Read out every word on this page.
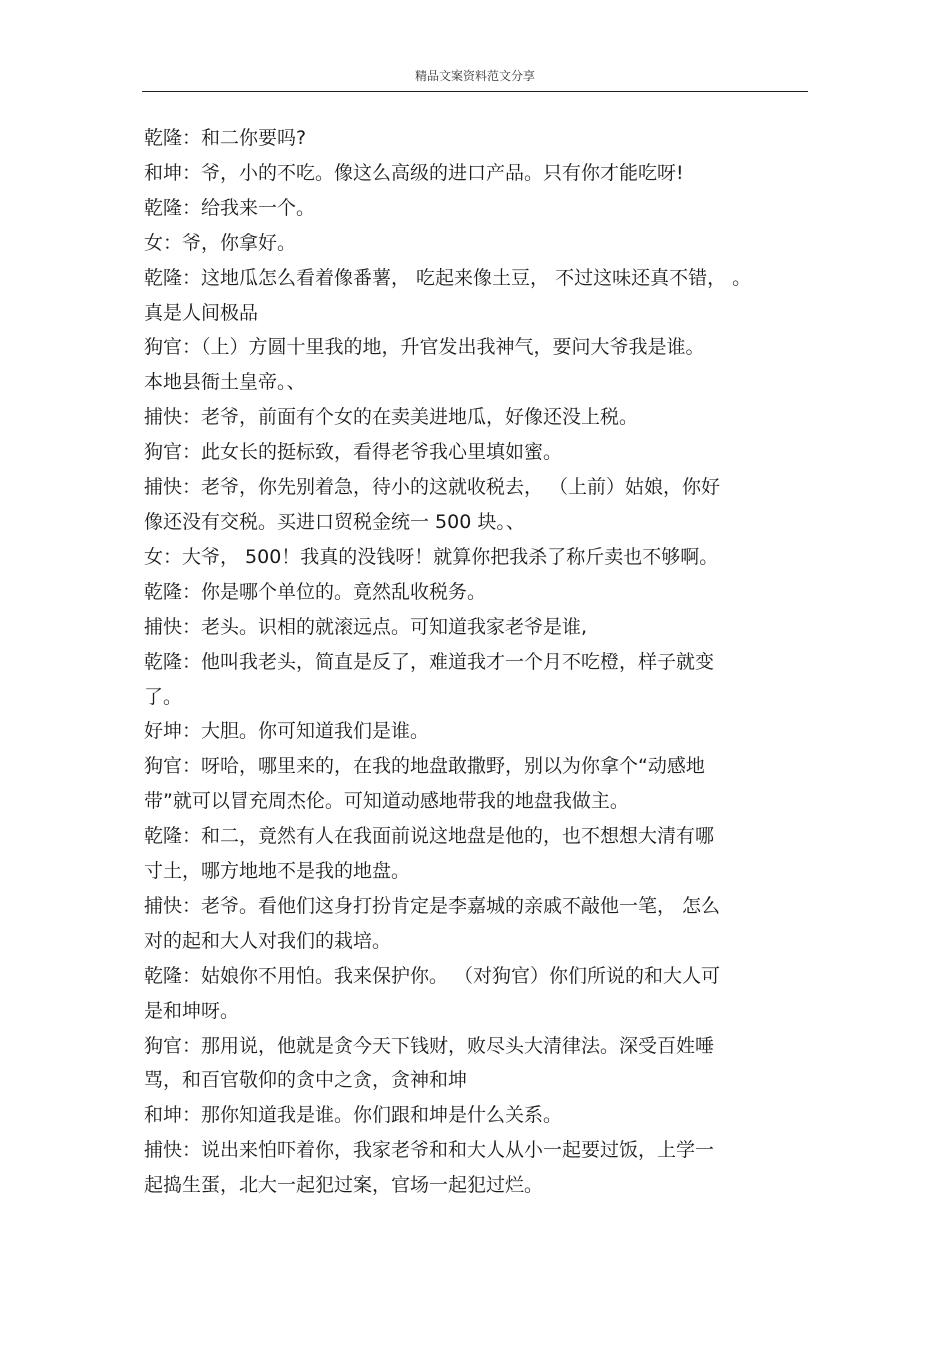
精品文案资料范文分享

乾隆：和二你要吗?

和坤：爷，小的不吃。像这么高级的进口产品。只有你才能吃呀!

乾隆：给我来一个。

女：爷，你拿好。

乾隆：这地瓜怎么看着像番薯， 吃起来像土豆， 不过这味还真不错， 。

真是人间极品

狗官：（上）方圆十里我的地，升官发出我神气，要问大爷我是谁。

本地县衙土皇帝。、

捕快：老爷，前面有个女的在卖美进地瓜，好像还没上税。

狗官：此女长的挺标致，看得老爷我心里填如蜜。

捕快：老爷，你先别着急，待小的这就收税去， （上前）姑娘，你好

像还没有交税。买进口贸税金统一 500 块。、

女：大爷， 500！我真的没钱呀！就算你把我杀了称斤卖也不够啊。

乾隆：你是哪个单位的。竟然乱收税务。

捕快：老头。识相的就滚远点。可知道我家老爷是谁,

乾隆：他叫我老头，简直是反了，难道我才一个月不吃橙，样子就变

了。

好坤：大胆。你可知道我们是谁。

狗官：呀哈，哪里来的，在我的地盘敢撒野，别以为你拿个“动感地

带”就可以冒充周杰伦。可知道动感地带我的地盘我做主。

乾隆：和二，竟然有人在我面前说这地盘是他的，也不想想大清有哪

寸土，哪方地地不是我的地盘。

捕快：老爷。看他们这身打扮肯定是李嘉城的亲戚不敲他一笔， 怎么

对的起和大人对我们的栽培。

乾隆：姑娘你不用怕。我来保护你。 （对狗官）你们所说的和大人可

是和坤呀。

狗官：那用说，他就是贪今天下钱财，败尽头大清律法。深受百姓唾

骂，和百官敬仰的贪中之贪，贪神和坤

和坤：那你知道我是谁。你们跟和坤是什么关系。

捕快：说出来怕吓着你，我家老爷和和大人从小一起要过饭，上学一

起捣生蛋，北大一起犯过案，官场一起犯过烂。
